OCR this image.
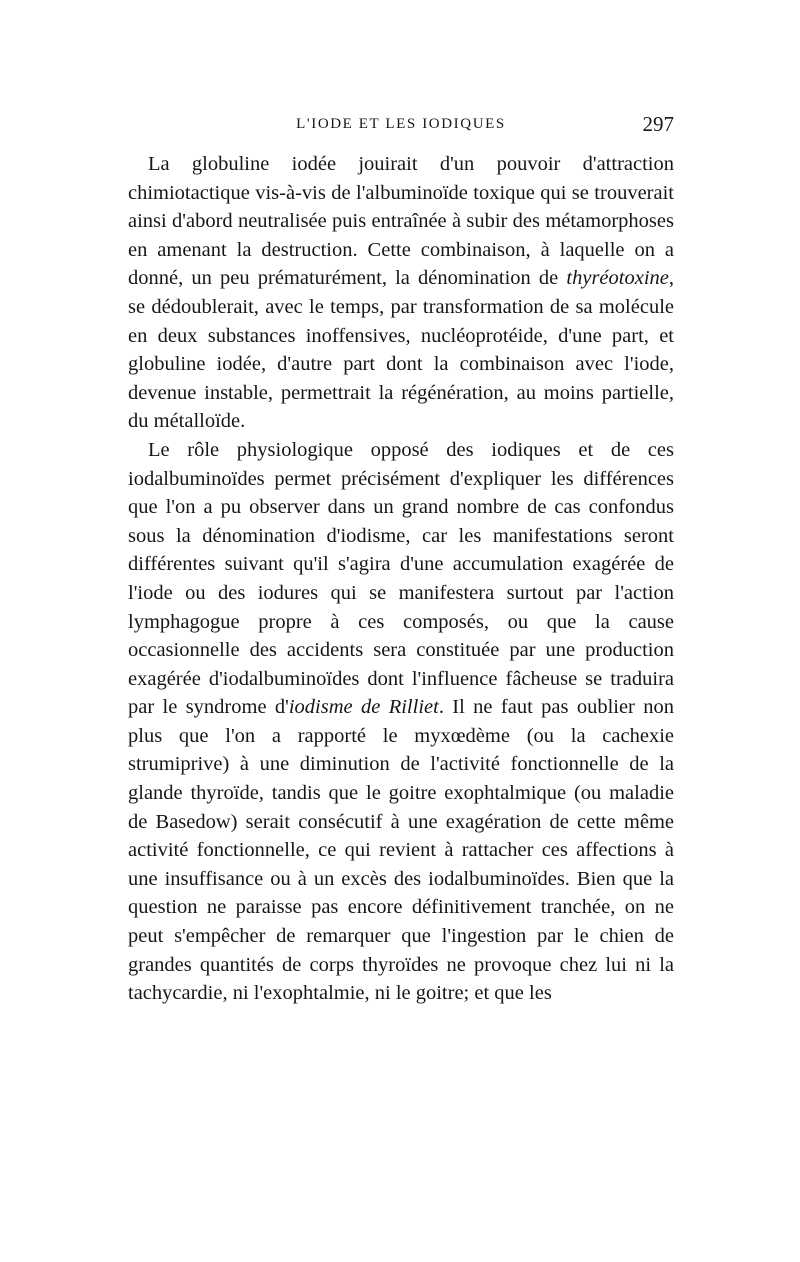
L'IODE ET LES IODIQUES	297

La globuline iodée jouirait d'un pouvoir d'attraction chimiotactique vis-à-vis de l'albuminoïde toxique qui se trouverait ainsi d'abord neutralisée puis entraînée à subir des métamorphoses en amenant la destruction. Cette combinaison, à laquelle on a donné, un peu prématurément, la dénomination de thyréotoxine, se dédoublerait, avec le temps, par transformation de sa molécule en deux substances inoffensives, nucléoprotéide, d'une part, et globuline iodée, d'autre part dont la combinaison avec l'iode, devenue instable, permettrait la régénération, au moins partielle, du métalloïde.

Le rôle physiologique opposé des iodiques et de ces iodalbuminoïdes permet précisément d'expliquer les différences que l'on a pu observer dans un grand nombre de cas confondus sous la dénomination d'iodisme, car les manifestations seront différentes suivant qu'il s'agira d'une accumulation exagérée de l'iode ou des iodures qui se manifestera surtout par l'action lymphagogue propre à ces composés, ou que la cause occasionnelle des accidents sera constituée par une production exagérée d'iodalbuminoïdes dont l'influence fâcheuse se traduira par le syndrome d'iodisme de Rilliet. Il ne faut pas oublier non plus que l'on a rapporté le myxœdème (ou la cachexie strumiprive) à une diminution de l'activité fonctionnelle de la glande thyroïde, tandis que le goitre exophtalmique (ou maladie de Basedow) serait consécutif à une exagération de cette même activité fonctionnelle, ce qui revient à rattacher ces affections à une insuffisance ou à un excès des iodalbuminoïdes. Bien que la question ne paraisse pas encore définitivement tranchée, on ne peut s'empêcher de remarquer que l'ingestion par le chien de grandes quantités de corps thyroïdes ne provoque chez lui ni la tachycardie, ni l'exophtalmie, ni le goitre; et que les
